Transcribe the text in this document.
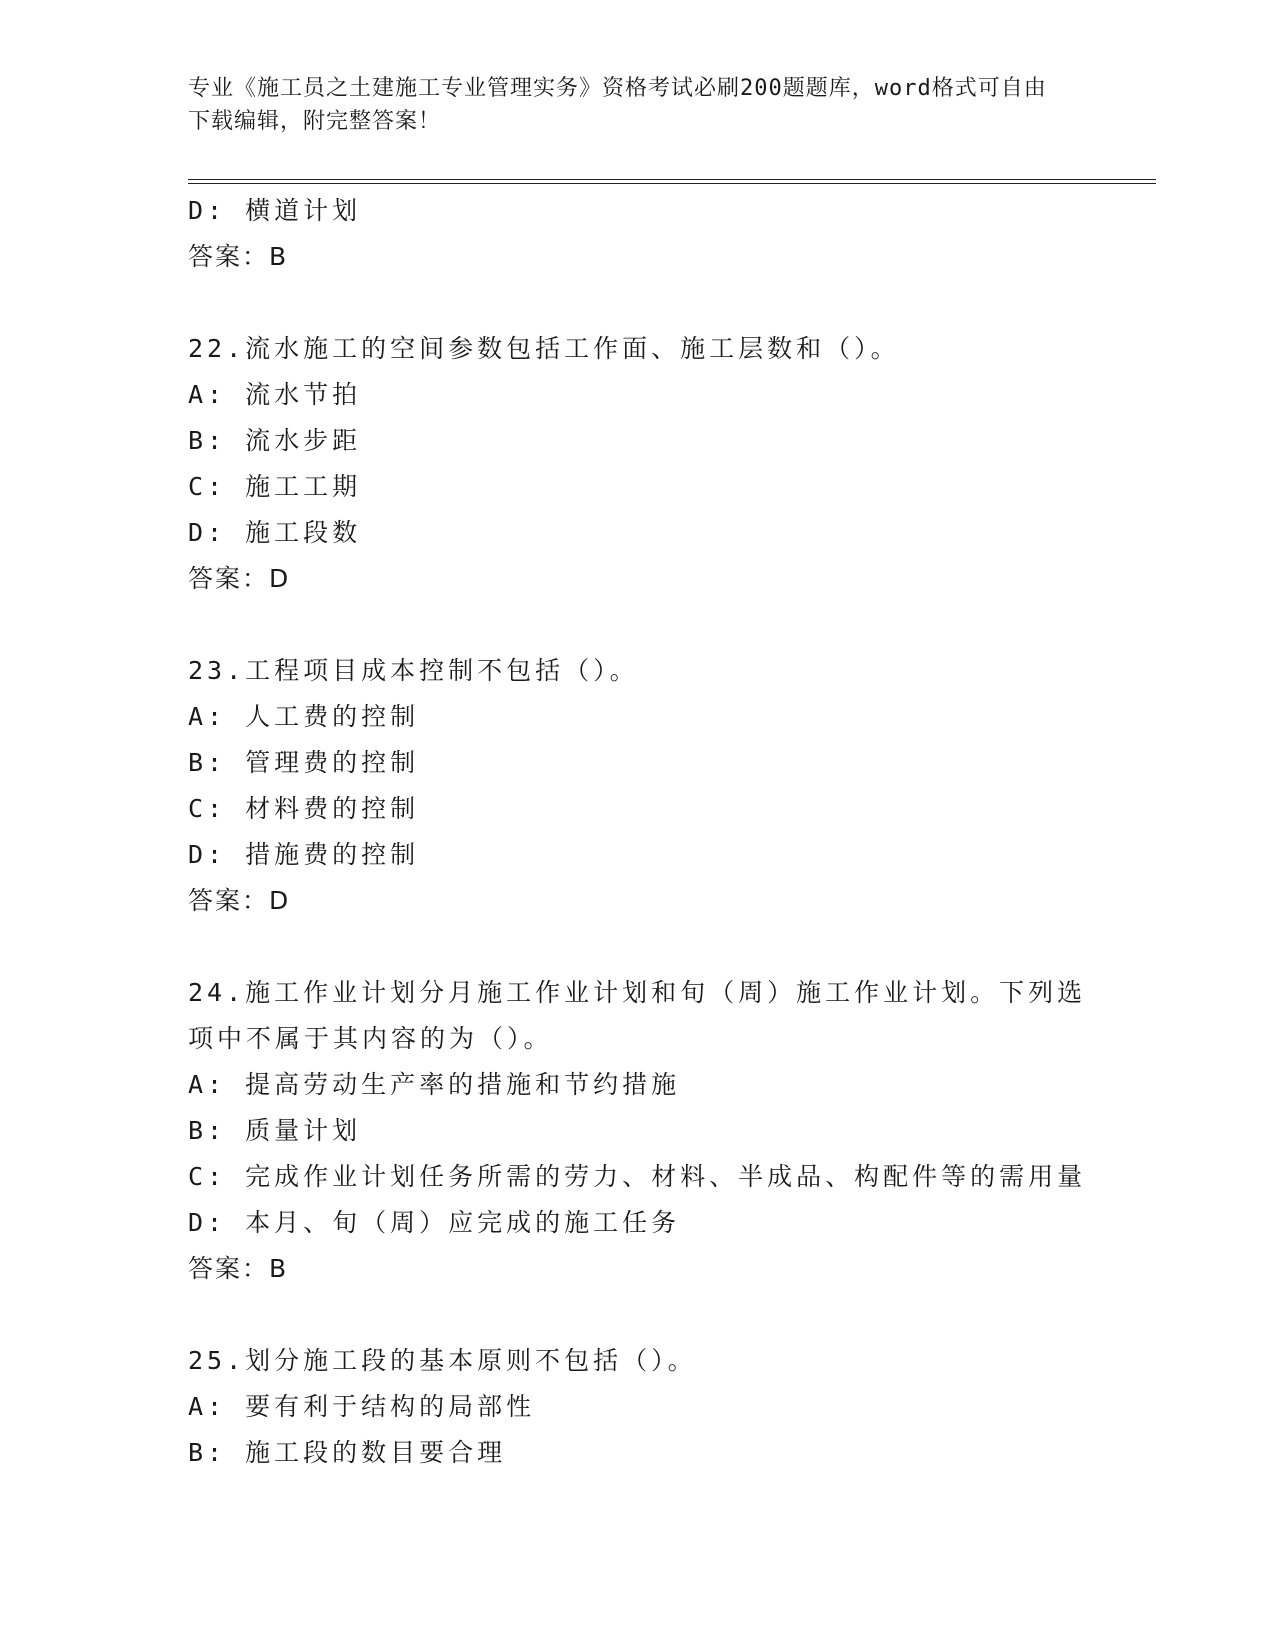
专业《施工员之土建施工专业管理实务》资格考试必刷200题题库，word格式可自由下载编辑，附完整答案！
D: 横道计划
答案：B
22.流水施工的空间参数包括工作面、施工层数和（）。
A: 流水节拍
B: 流水步距
C: 施工工期
D: 施工段数
答案：D
23.工程项目成本控制不包括（）。
A: 人工费的控制
B: 管理费的控制
C: 材料费的控制
D: 措施费的控制
答案：D
24.施工作业计划分月施工作业计划和旬（周）施工作业计划。下列选项中不属于其内容的为（）。
A: 提高劳动生产率的措施和节约措施
B: 质量计划
C: 完成作业计划任务所需的劳力、材料、半成品、构配件等的需用量
D: 本月、旬（周）应完成的施工任务
答案：B
25.划分施工段的基本原则不包括（）。
A: 要有利于结构的局部性
B: 施工段的数目要合理
